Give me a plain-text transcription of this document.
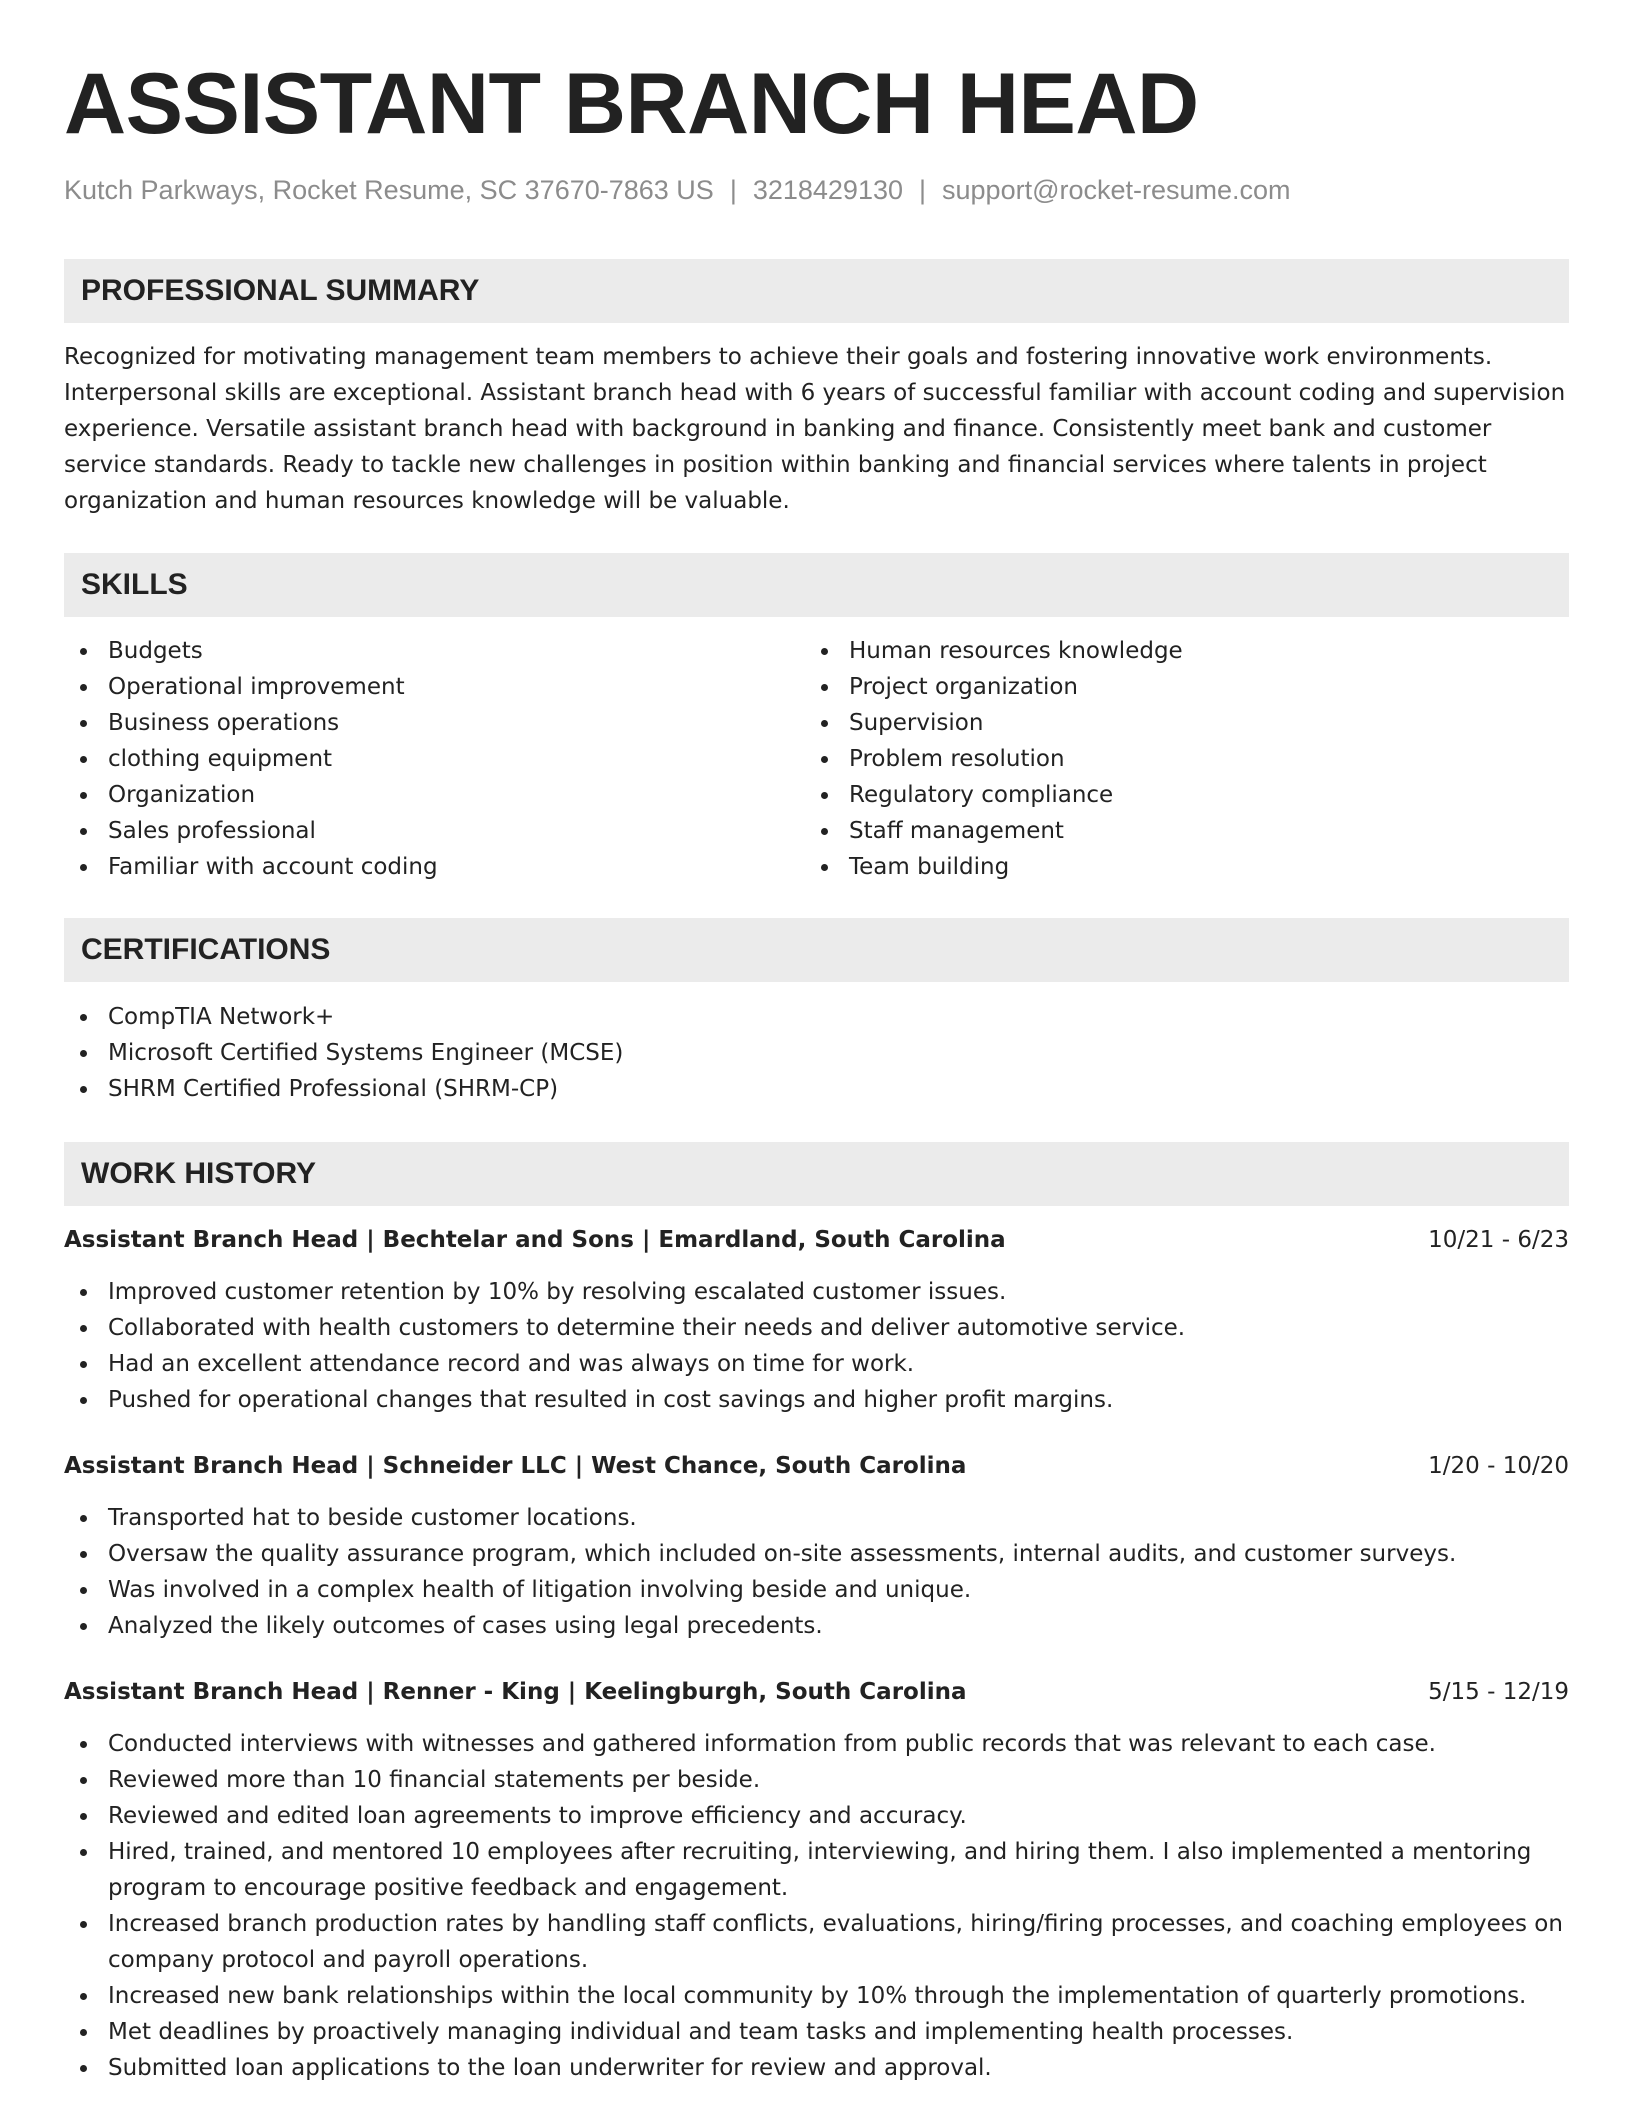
ASSISTANT BRANCH HEAD
Kutch Parkways, Rocket Resume, SC 37670-7863 US | 3218429130 | support@rocket-resume.com
PROFESSIONAL SUMMARY
Recognized for motivating management team members to achieve their goals and fostering innovative work environments. Interpersonal skills are exceptional. Assistant branch head with 6 years of successful familiar with account coding and supervision experience. Versatile assistant branch head with background in banking and finance. Consistently meet bank and customer service standards. Ready to tackle new challenges in position within banking and financial services where talents in project organization and human resources knowledge will be valuable.
SKILLS
Budgets
Operational improvement
Business operations
clothing equipment
Organization
Sales professional
Familiar with account coding
Human resources knowledge
Project organization
Supervision
Problem resolution
Regulatory compliance
Staff management
Team building
CERTIFICATIONS
CompTIA Network+
Microsoft Certified Systems Engineer (MCSE)
SHRM Certified Professional (SHRM-CP)
WORK HISTORY
Assistant Branch Head | Bechtelar and Sons | Emardland, South Carolina	10/21 - 6/23
Improved customer retention by 10% by resolving escalated customer issues.
Collaborated with health customers to determine their needs and deliver automotive service.
Had an excellent attendance record and was always on time for work.
Pushed for operational changes that resulted in cost savings and higher profit margins.
Assistant Branch Head | Schneider LLC | West Chance, South Carolina	1/20 - 10/20
Transported hat to beside customer locations.
Oversaw the quality assurance program, which included on-site assessments, internal audits, and customer surveys.
Was involved in a complex health of litigation involving beside and unique.
Analyzed the likely outcomes of cases using legal precedents.
Assistant Branch Head | Renner - King | Keelingburgh, South Carolina	5/15 - 12/19
Conducted interviews with witnesses and gathered information from public records that was relevant to each case.
Reviewed more than 10 financial statements per beside.
Reviewed and edited loan agreements to improve efficiency and accuracy.
Hired, trained, and mentored 10 employees after recruiting, interviewing, and hiring them. I also implemented a mentoring program to encourage positive feedback and engagement.
Increased branch production rates by handling staff conflicts, evaluations, hiring/firing processes, and coaching employees on company protocol and payroll operations.
Increased new bank relationships within the local community by 10% through the implementation of quarterly promotions.
Met deadlines by proactively managing individual and team tasks and implementing health processes.
Submitted loan applications to the loan underwriter for review and approval.
